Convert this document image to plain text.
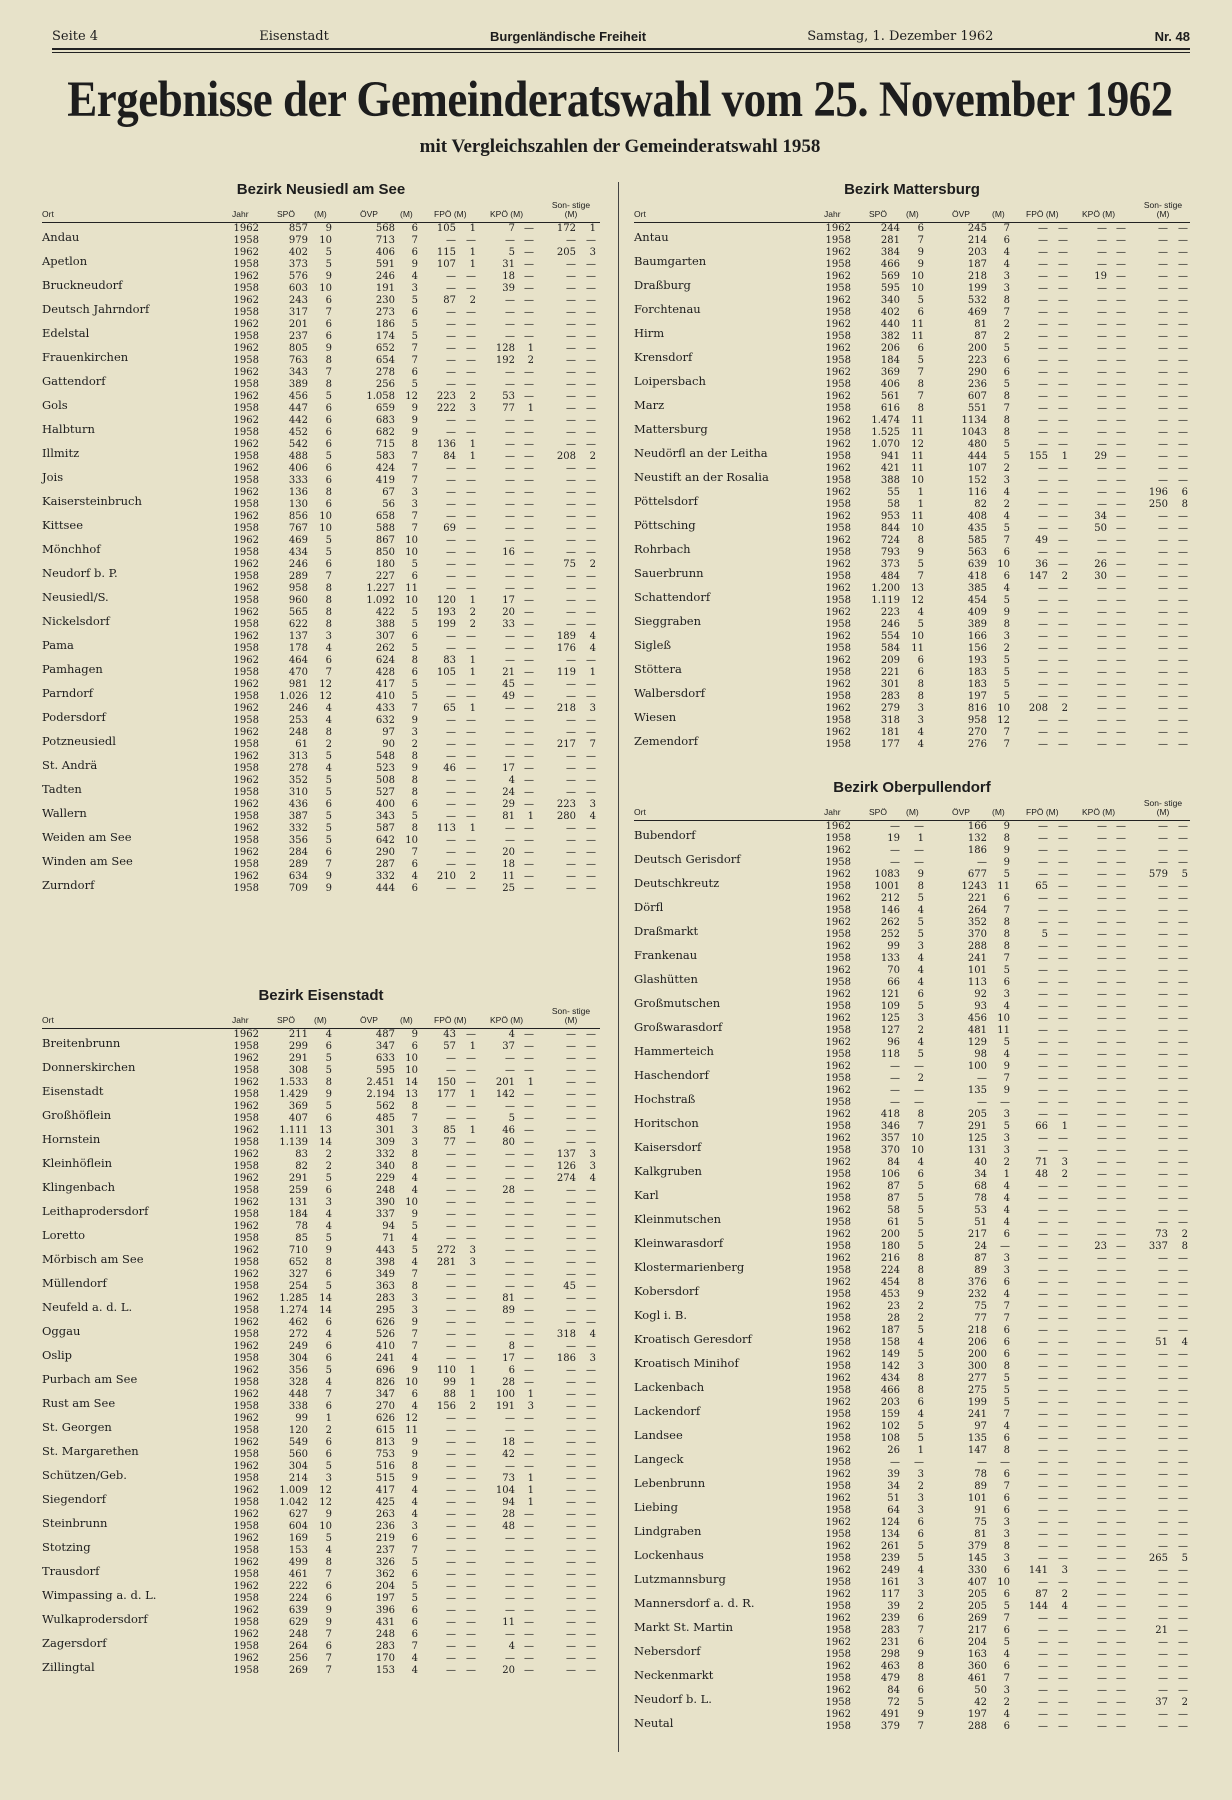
Seite 4	Eisenstadt	Burgenländische Freiheit	Samstag, 1. Dezember 1962	Nr. 48
Ergebnisse der Gemeinderatswahl vom 25. November 1962
mit Vergleichszahlen der Gemeinderatswahl 1958
Bezirk Neusiedl am See
Ort	Jahr	SPÖ (M)	ÖVP	(M)	FPÖ (M)	KPÖ (M)
Son- stige (M)
Andau
1962	857	9	568	6	105	1	7 —	172	1
1958	979	10	713	7	—	—	— —	—	—
Apetlon
1962	402	5	406	6	115	1	5 —	205	3
1958	373	5	591	9	107	1	31 —	—	—
Bruckneudorf
1962	576	9	246	4	—	—	18 —	—	—
1958	603	10	191	3	—	—	39 —	—	—
Deutsch Jahrndorf
1962	243	6	230	5	87	2	— —	—	—
1958	317	7	273	6	—	—	— —	—	—
Edelstal
1962	201	6	186	5	—	—	— —	—	—
1958	237	6	174	5	—	—	— —	—	—
Frauenkirchen
1962	805	9	652	7	—	—	128	1	—	—
1958	763	8	654	7	—	—	192	2	—	—
Gattendorf
1962	343	7	278	6	—	—	— —	—	—
1958	389	8	256	5	—	—	— —	—	—
Gols
1962	456	5	1.058	12	223	2	53 —	—	—
1958	447	6	659	9	222	3	77	1	—	—
Halbturn
1962	442	6	683	9	—	—	— —	—	—
1958	452	6	682	9	—	—	— —	—	—
Illmitz
1962	542	6	715	8	136	1	— —	—	—
1958	488	5	583	7	84	1	— —	208	2
Jois
1962	406	6	424	7	—	—	— —	—	—
1958	333	6	419	7	—	—	— —	—	—
Kaisersteinbruch
1962	136	8	67	3	—	—	— —	—	—
1958	130	6	56	3	—	—	— —	—	—
Kittsee
1962	856	10	658	7	—	—	— —	—	—
1958	767	10	588	7	69	—	— —	—	—
Mönchhof
1962	469	5	867	10	—	—	— —	—	—
1958	434	5	850	10	—	—	16 —	—	—
Neudorf b. P.
1962	246	6	180	5	—	—	— —	75	2
1958	289	7	227	6	—	—	— —	—	—
Neusiedl/S.
1962	958	8	1.227	11	—	—	— —	—	—
1958	960	8	1.092	10	120	1	17 —	—	—
Nickelsdorf
1962	565	8	422	5	193	2	20 —	—	—
1958	622	8	388	5	199	2	33 —	—	—
Pama
1962	137	3	307	6	—	—	— —	189	4
1958	178	4	262	5	—	—	— —	176	4
Pamhagen
1962	464	6	624	8	83	1	— —	—	—
1958	470	7	428	6	105	1	21 —	119	1
Parndorf
1962	981	12	417	5	—	—	45 —	—	—
1958	1.026	12	410	5	—	—	49 —	—	—
Podersdorf
1962	246	4	433	7	65	1	— —	218	3
1958	253	4	632	9	—	—	— —	—	—
Potzneusiedl
1962	248	8	97	3	—	—	— —	—	—
1958	61	2	90	2	—	—	— —	217	7
St. Andrä
1962	313	5	548	8	—	—	— —	—	—
1958	278	4	523	9	46	—	17 —	—	—
Tadten
1962	352	5	508	8	—	—	4 —	—	—
1958	310	5	527	8	—	—	24 —	—	—
Wallern
1962	436	6	400	6	—	—	29 —	223	3
1958	387	5	343	5	—	—	81	1	280	4
Weiden am See
1962	332	5	587	8	113	1	— —	—	—
1958	356	5	642	10	—	—	— —	—	—
Winden am See
1962	284	6	290	7	—	—	20 —	—	—
1958	289	7	287	6	—	—	18 —	—	—
Zurndorf
1962	634	9	332	4	210	2	11 —	—	—
1958	709	9	444	6	—	—	25 —	—	—
Bezirk Eisenstadt
Ort	Jahr	SPÖ (M)	ÖVP	(M)	FPÖ (M)	KPÖ (M)
Son- stige (M)
Breitenbrunn
1962	211	4	487	9	43	—	4 —	—	—
1958	299	6	347	6	57	1	37 —	—	—
Donnerskirchen
1962	291	5	633	10	—	—	— —	—	—
1958	308	5	595	10	—	—	— —	—	—
Eisenstadt
1962	1.533	8	2.451	14	150	—	201	1	—	—
1958	1.429	9	2.194	13	177	1	142 —	—	—
Großhöflein
1962	369	5	562	8	—	—	— —	—	—
1958	407	6	485	7	—	—	5 —	—	—
Hornstein
1962	1.111	13	301	3	85	1	46 —	—	—
1958	1.139	14	309	3	77	—	80 —	—	—
Kleinhöflein
1962	83	2	332	8	—	—	— —	137	3
1958	82	2	340	8	—	—	— —	126	3
Klingenbach
1962	291	5	229	4	—	—	— —	274	4
1958	259	6	248	4	—	—	28 —	—	—
Leithaprodersdorf
1962	131	3	390	10	—	—	— —	—	—
1958	184	4	337	9	—	—	— —	—	—
Loretto
1962	78	4	94	5	—	—	— —	—	—
1958	85	5	71	4	—	—	— —	—	—
Mörbisch am See
1962	710	9	443	5	272	3	— —	—	—
1958	652	8	398	4	281	3	— —	—	—
Müllendorf
1962	327	6	349	7	—	—	— —	—	—
1958	254	5	363	8	—	—	— —	45	—
Neufeld a. d. L.
1962	1.285	14	283	3	—	—	81 —	—	—
1958	1.274	14	295	3	—	—	89 —	—	—
Oggau
1962	462	6	626	9	—	—	— —	—	—
1958	272	4	526	7	—	—	— —	318	4
Oslip
1962	249	6	410	7	—	—	8 —	—	—
1958	304	6	241	4	—	—	17 —	186	3
Purbach am See
1962	356	5	696	9	110	1	6 —	—	—
1958	328	4	826	10	99	1	28 —	—	—
Rust am See
1962	448	7	347	6	88	1	100	1	—	—
1958	338	6	270	4	156	2	191	3	—	—
St. Georgen
1962	99	1	626	12	—	—	— —	—	—
1958	120	2	615	11	—	—	— —	—	—
St. Margarethen
1962	549	6	813	9	—	—	18 —	—	—
1958	560	6	753	9	—	—	42 —	—	—
Schützen/Geb.
1962	304	5	516	8	—	—	— —	—	—
1958	214	3	515	9	—	—	73	1	—	—
Siegendorf
1962	1.009	12	417	4	—	—	104	1	—	—
1958	1.042	12	425	4	—	—	94	1	—	—
Steinbrunn
1962	627	9	263	4	—	—	28 —	—	—
1958	604	10	236	3	—	—	48 —	—	—
Stotzing
1962	169	5	219	6	—	—	— —	—	—
1958	153	4	237	7	—	—	— —	—	—
Trausdorf
1962	499	8	326	5	—	—	— —	—	—
1958	461	7	362	6	—	—	— —	—	—
Wimpassing a. d. L.
1962	222	6	204	5	—	—	— —	—	—
1958	224	6	197	5	—	—	— —	—	—
Wulkaprodersdorf
1962	639	9	396	6	—	—	— —	—	—
1958	629	9	431	6	—	—	11 —	—	—
Zagersdorf
1962	248	7	248	6	—	—	— —	—	—
1958	264	6	283	7	—	—	4 —	—	—
Zillingtal
1962	256	7	170	4	—	—	— —	—	—
1958	269	7	153	4	—	—	20 —	—	—
Bezirk Mattersburg
Ort	Jahr	SPÖ (M)	ÖVP	(M)	FPÖ (M)	KPÖ (M)
Son- stige (M)
Antau
1962	244	6	245	7	—	—	— —	—	—
1958	281	7	214	6	—	—	— —	—	—
Baumgarten
1962	384	9	203	4	—	—	— —	—	—
1958	466	9	187	4	—	—	— —	—	—
Draßburg
1962	569	10	218	3	—	—	19 —	—	—
1958	595	10	199	3	—	—	— —	—	—
Forchtenau
1962	340	5	532	8	—	—	— —	—	—
1958	402	6	469	7	—	—	— —	—	—
Hirm
1962	440	11	81	2	—	—	— —	—	—
1958	382	11	87	2	—	—	— —	—	—
Krensdorf
1962	206	6	200	5	—	—	— —	—	—
1958	184	5	223	6	—	—	— —	—	—
Loipersbach
1962	369	7	290	6	—	—	— —	—	—
1958	406	8	236	5	—	—	— —	—	—
Marz
1962	561	7	607	8	—	—	— —	—	—
1958	616	8	551	7	—	—	— —	—	—
Mattersburg
1962	1.474	11	1134	8	—	—	— —	—	—
1958	1.525	11	1043	8	—	—	— —	—	—
Neudörfl an der Leitha
1962	1.070	12	480	5	—	—	— —	—	—
1958	941	11	444	5	155	1	29 —	—	—
Neustift an der Rosalia
1962	421	11	107	2	—	—	— —	—	—
1958	388	10	152	3	—	—	— —	—	—
Pöttelsdorf
1962	55	1	116	4	—	—	— —	196	6
1958	58	1	82	2	—	—	— —	250	8
Pöttsching
1962	953	11	408	4	—	—	34 —	—	—
1958	844	10	435	5	—	—	50 —	—	—
Rohrbach
1962	724	8	585	7	49	—	— —	—	—
1958	793	9	563	6	—	—	— —	—	—
Sauerbrunn
1962	373	5	639	10	36	—	26 —	—	—
1958	484	7	418	6	147	2	30 —	—	—
Schattendorf
1962	1.200	13	385	4	—	—	— —	—	—
1958	1.119	12	454	5	—	—	— —	—	—
Sieggraben
1962	223	4	409	9	—	—	— —	—	—
1958	246	5	389	8	—	—	— —	—	—
Sigleß
1962	554	10	166	3	—	—	— —	—	—
1958	584	11	156	2	—	—	— —	—	—
Stöttera
1962	209	6	193	5	—	—	— —	—	—
1958	221	6	183	5	—	—	— —	—	—
Walbersdorf
1962	301	8	183	5	—	—	— —	—	—
1958	283	8	197	5	—	—	— —	—	—
Wiesen
1962	279	3	816	10	208	2	— —	—	—
1958	318	3	958	12	—	—	— —	—	—
Zemendorf
1962	181	4	270	7	—	—	— —	—	—
1958	177	4	276	7	—	—	— —	—	—
Bezirk Oberpullendorf
Ort	Jahr	SPÖ (M)	ÖVP	(M)	FPÖ (M)	KPÖ (M)
Son- stige (M)
Bubendorf
1962	—	—	166	9	—	—	— —	—	—
1958	19	1	132	8	—	—	— —	—	—
Deutsch Gerisdorf
1962	—	—	186	9	—	—	— —	—	—
1958	—	—	—	9	—	—	— —	—	—
Deutschkreutz
1962	1083	9	677	5	—	—	— —	579	5
1958	1001	8	1243	11	65	—	— —	—	—
Dörfl
1962	212	5	221	6	—	—	— —	—	—
1958	146	4	264	7	—	—	— —	—	—
Draßmarkt
1962	262	5	352	8	—	—	— —	—	—
1958	252	5	370	8	5	—	— —	—	—
Frankenau
1962	99	3	288	8	—	—	— —	—	—
1958	133	4	241	7	—	—	— —	—	—
Glashütten
1962	70	4	101	5	—	—	— —	—	—
1958	66	4	113	6	—	—	— —	—	—
Großmutschen
1962	121	6	92	3	—	—	— —	—	—
1958	109	5	93	4	—	—	— —	—	—
Großwarasdorf
1962	125	3	456	10	—	—	— —	—	—
1958	127	2	481	11	—	—	— —	—	—
Hammerteich
1962	96	4	129	5	—	—	— —	—	—
1958	118	5	98	4	—	—	— —	—	—
Haschendorf
1962	—	—	100	9	—	—	— —	—	—
1958	—	2	—	7	—	—	— —	—	—
Hochstraß
1962	—	—	135	9	—	—	— —	—	—
1958	—	—	—	—	—	—	— —	—	—
Horitschon
1962	418	8	205	3	—	—	— —	—	—
1958	346	7	291	5	66	1	— —	—	—
Kaisersdorf
1962	357	10	125	3	—	—	— —	—	—
1958	370	10	131	3	—	—	— —	—	—
Kalkgruben
1962	84	4	40	2	71	3	— —	—	—
1958	106	6	34	1	48	2	— —	—	—
Karl
1962	87	5	68	4	—	—	— —	—	—
1958	87	5	78	4	—	—	— —	—	—
Kleinmutschen
1962	58	5	53	4	—	—	— —	—	—
1958	61	5	51	4	—	—	— —	—	—
Kleinwarasdorf
1962	200	5	217	6	—	—	— —	73	2
1958	180	5	24	—	—	—	23 —	337	8
Klostermarienberg
1962	216	8	87	3	—	—	— —	—	—
1958	224	8	89	3	—	—	— —	—	—
Kobersdorf
1962	454	8	376	6	—	—	— —	—	—
1958	453	9	232	4	—	—	— —	—	—
Kogl i. B.
1962	23	2	75	7	—	—	— —	—	—
1958	28	2	77	7	—	—	— —	—	—
Kroatisch Geresdorf
1962	187	5	218	6	—	—	— —	—	—
1958	158	4	206	6	—	—	— —	51	4
Kroatisch Minihof
1962	149	5	200	6	—	—	— —	—	—
1958	142	3	300	8	—	—	— —	—	—
Lackenbach
1962	434	8	277	5	—	—	— —	—	—
1958	466	8	275	5	—	—	— —	—	—
Lackendorf
1962	203	6	199	5	—	—	— —	—	—
1958	159	4	241	7	—	—	— —	—	—
Landsee
1962	102	5	97	4	—	—	— —	—	—
1958	108	5	135	6	—	—	— —	—	—
Langeck
1962	26	1	147	8	—	—	— —	—	—
1958	—	—	—	—	—	—	— —	—	—
Lebenbrunn
1962	39	3	78	6	—	—	— —	—	—
1958	34	2	89	7	—	—	— —	—	—
Liebing
1962	51	3	101	6	—	—	— —	—	—
1958	64	3	91	6	—	—	— —	—	—
Lindgraben
1962	124	6	75	3	—	—	— —	—	—
1958	134	6	81	3	—	—	— —	—	—
Lockenhaus
1962	261	5	379	8	—	—	— —	—	—
1958	239	5	145	3	—	—	— —	265	5
Lutzmannsburg
1962	249	4	330	6	141	3	— —	—	—
1958	161	3	407	10	—	—	— —	—	—
Mannersdorf a. d. R.
1962	117	3	205	6	87	2	— —	—	—
1958	39	2	205	5	144	4	— —	—	—
Markt St. Martin
1962	239	6	269	7	—	—	— —	—	—
1958	283	7	217	6	—	—	— —	21	—
Nebersdorf
1962	231	6	204	5	—	—	— —	—	—
1958	298	9	163	4	—	—	— —	—	—
Neckenmarkt
1962	463	8	360	6	—	—	— —	—	—
1958	479	8	461	7	—	—	— —	—	—
Neudorf b. L.
1962	84	6	50	3	—	—	— —	—	—
1958	72	5	42	2	—	—	— —	37	2
Neutal
1962	491	9	197	4	—	—	— —	—	—
1958	379	7	288	6	—	—	— —	—	—
